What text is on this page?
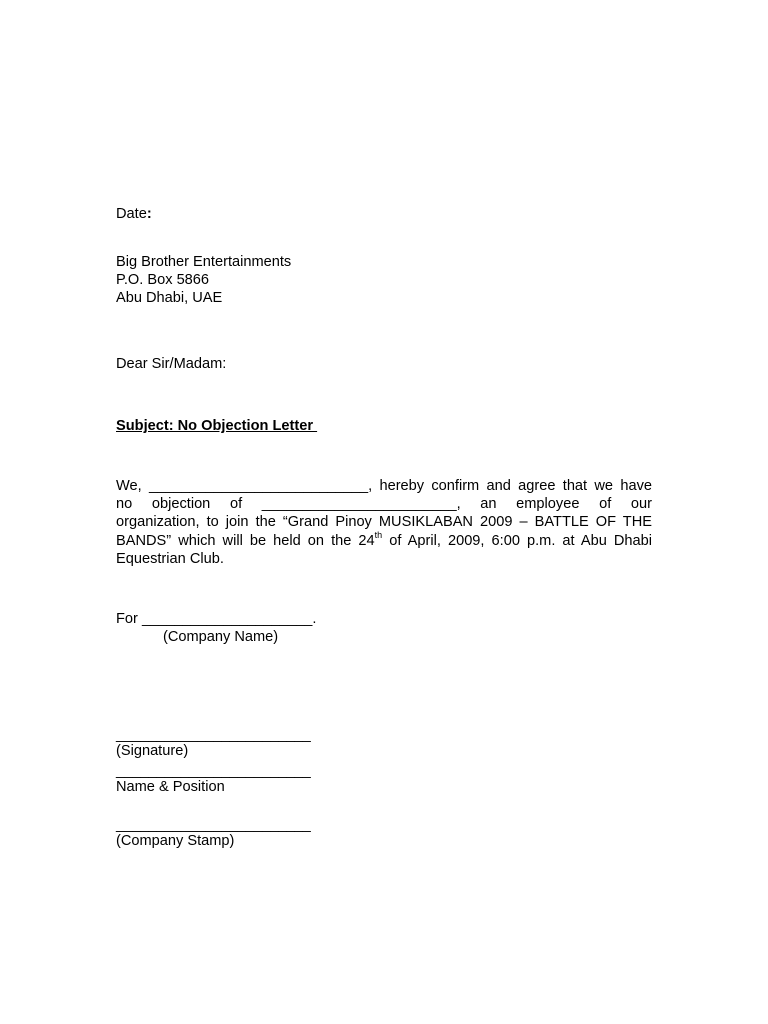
Date:
Big Brother Entertainments
P.O. Box 5866
Abu Dhabi, UAE
Dear Sir/Madam:
Subject: No Objection Letter
We, ___________________________, hereby confirm and agree that we have
no objection of ________________________, an employee of our
organization, to join the “Grand Pinoy MUSIKLABAN 2009 – BATTLE OF THE
BANDS” which will be held on the 24th of April, 2009, 6:00 p.m. at Abu Dhabi
Equestrian Club.
For _____________________.
(Company Name)
________________________
(Signature)
________________________
Name & Position
________________________
(Company Stamp)
